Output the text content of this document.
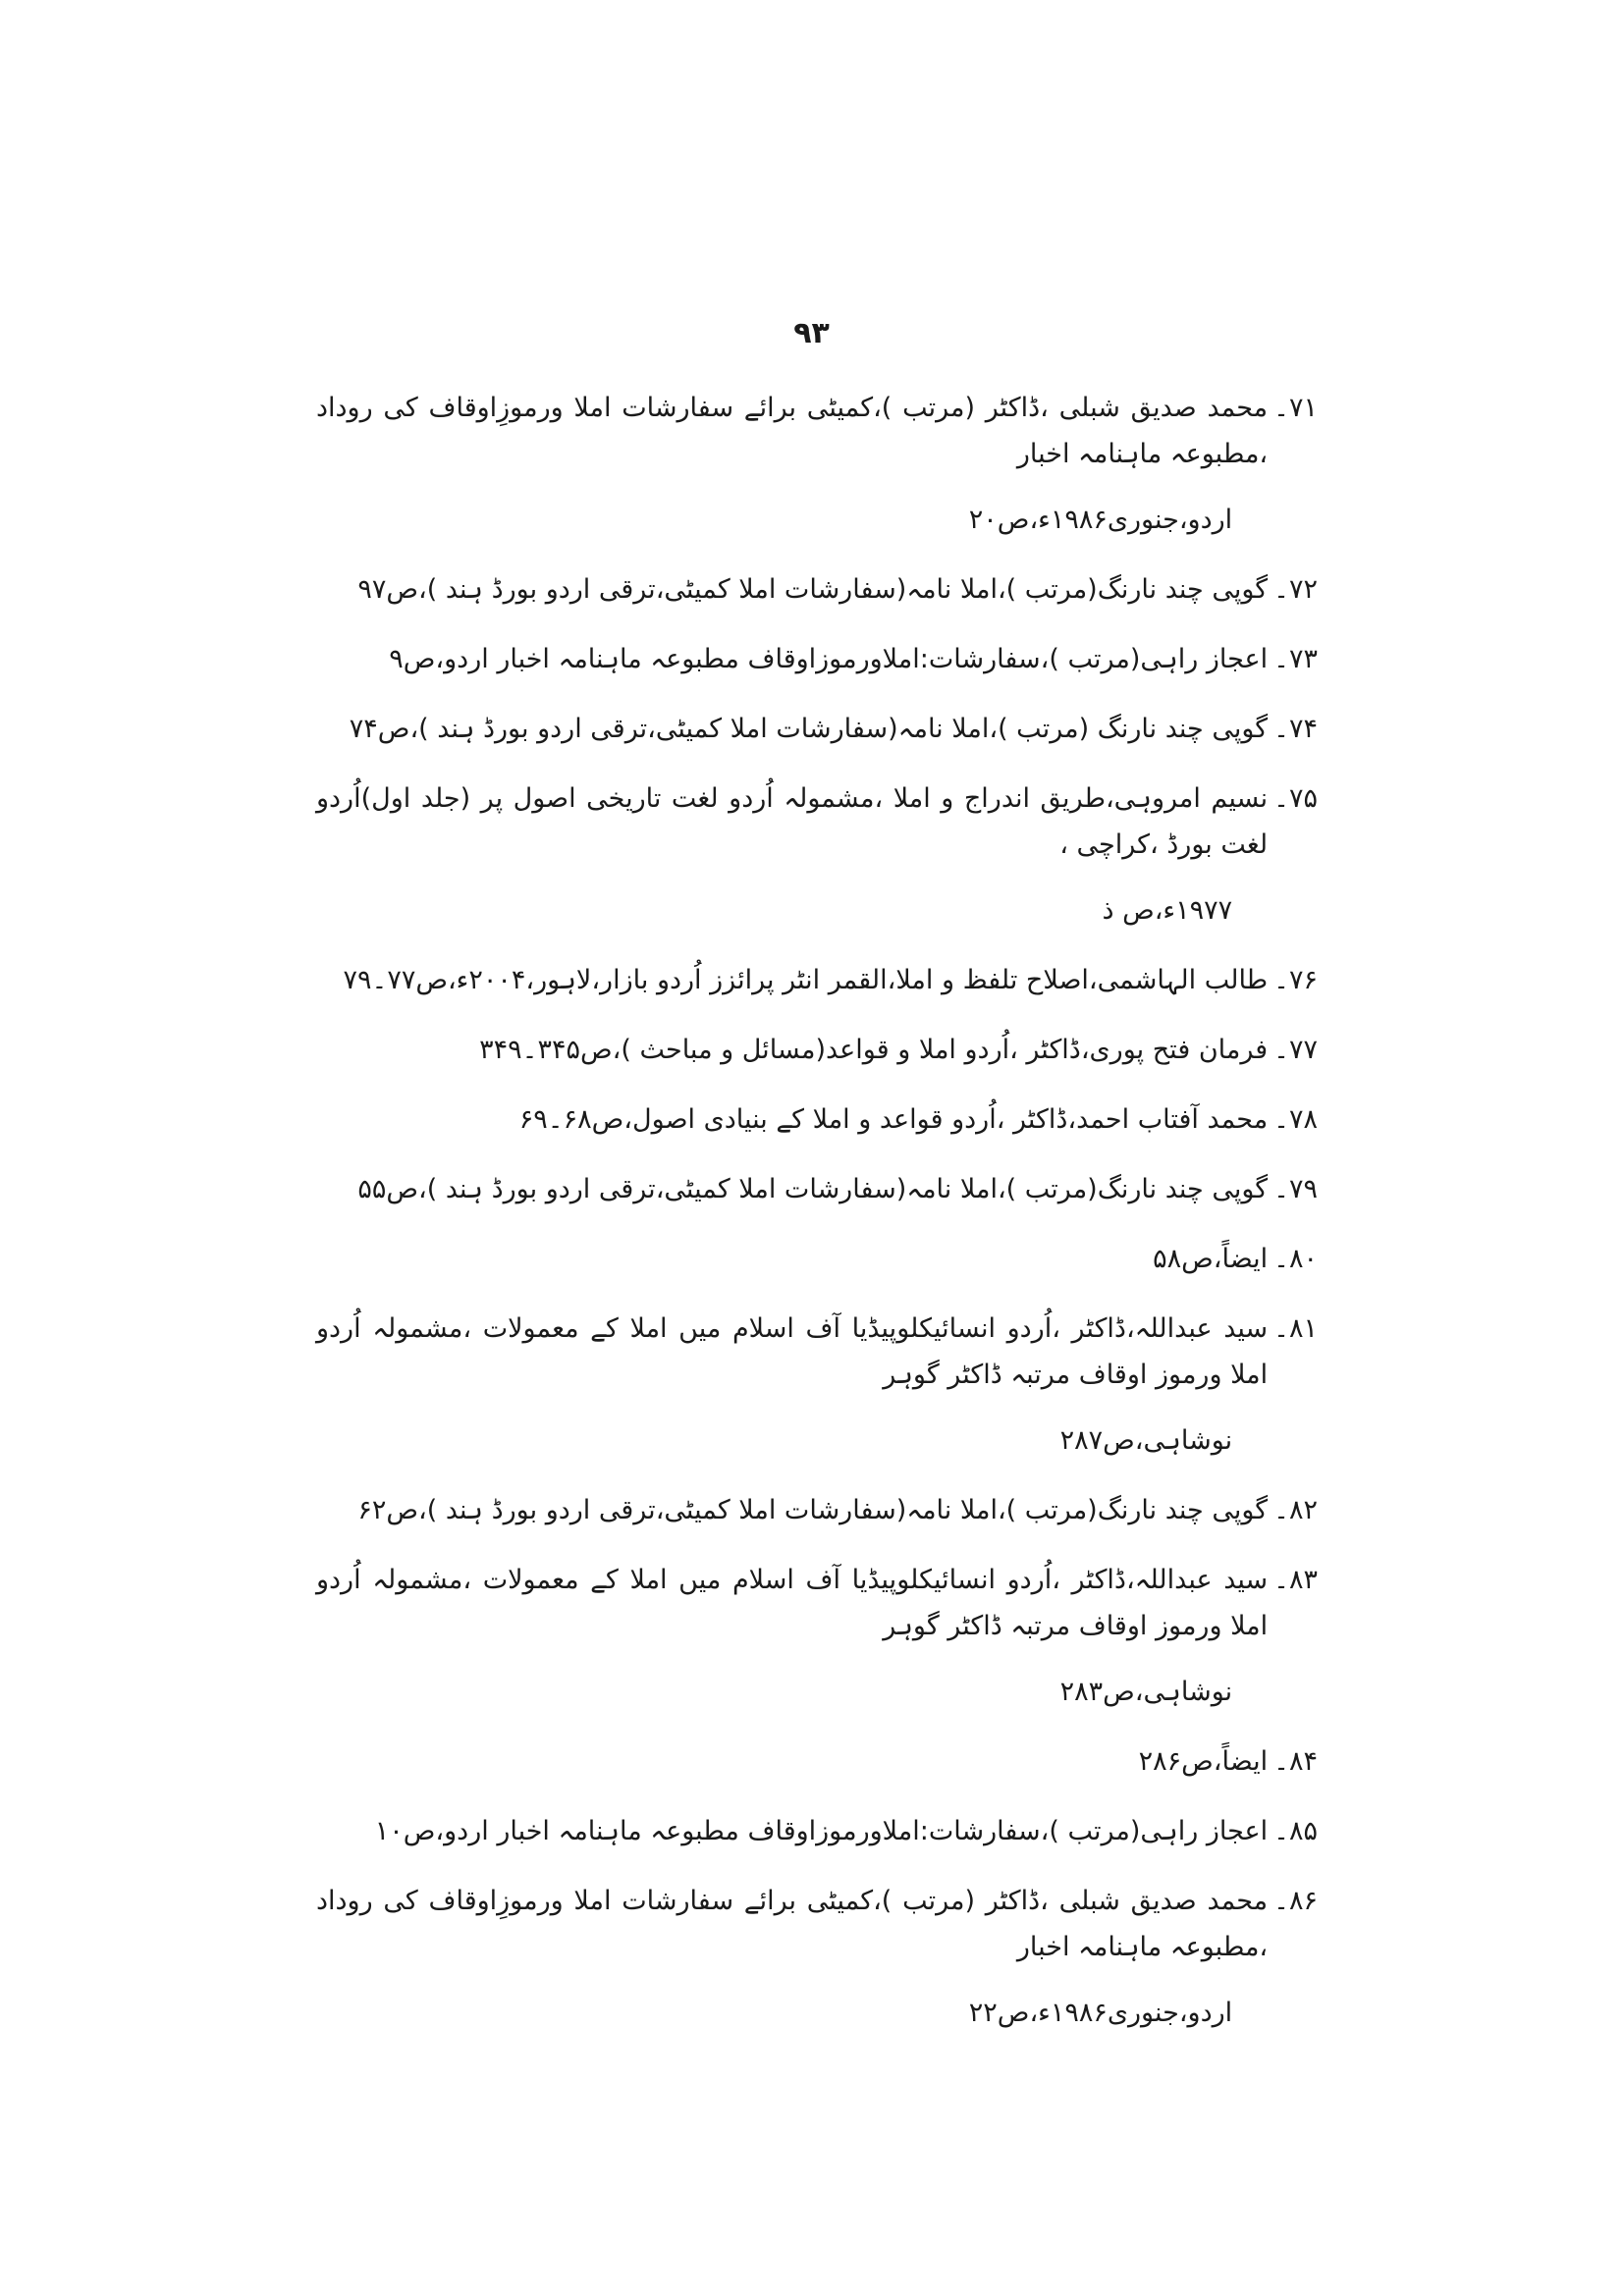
۹۳
۷۱۔
محمد صدیق شبلی ،ڈاکٹر (مرتب )،کمیٹی برائے سفارشات املا ورموزِاوقاف کی روداد ،مطبوعہ ماہنامہ اخبار
اردو،جنوری۱۹۸۶ء،ص۲۰
۷۲۔
گوپی چند نارنگ(مرتب )،املا نامہ(سفارشات املا کمیٹی،ترقی اردو بورڈ ہند )،ص۹۷
۷۳۔
اعجاز راہی(مرتب )،سفارشات:املاورموزاوقاف مطبوعہ ماہنامہ اخبار اردو،ص۹
۷۴۔
گوپی چند نارنگ (مرتب )،املا نامہ(سفارشات املا کمیٹی،ترقی اردو بورڈ ہند )،ص۷۴
۷۵۔
نسیم امروہی،طریق اندراج و املا ،مشمولہ اُردو لغت تاریخی اصول پر (جلد اول)اُردو لغت بورڈ ،کراچی ،
۱۹۷۷ء،ص ذ
۷۶۔
طالب الہاشمی،اصلاح تلفظ و املا،القمر انٹر پرائزز اُردو بازار،لاہور،۲۰۰۴ء،ص۷۷۔۷۹
۷۷۔
فرمان فتح پوری،ڈاکٹر ،اُردو املا و قواعد(مسائل و مباحث )،ص۳۴۵۔۳۴۹
۷۸۔
محمد آفتاب احمد،ڈاکٹر ،اُردو قواعد و املا کے بنیادی اصول،ص۶۸۔۶۹
۷۹۔
گوپی چند نارنگ(مرتب )،املا نامہ(سفارشات املا کمیٹی،ترقی اردو بورڈ ہند )،ص۵۵
۸۰۔
ایضاً،ص۵۸
۸۱۔
سید عبداللہ،ڈاکٹر ،اُردو انسائیکلوپیڈیا آف اسلام میں املا کے معمولات ،مشمولہ اُردو املا ورموز اوقاف مرتبہ ڈاکٹر گوہر
نوشاہی،ص۲۸۷
۸۲۔
گوپی چند نارنگ(مرتب )،املا نامہ(سفارشات املا کمیٹی،ترقی اردو بورڈ ہند )،ص۶۲
۸۳۔
سید عبداللہ،ڈاکٹر ،اُردو انسائیکلوپیڈیا آف اسلام میں املا کے معمولات ،مشمولہ اُردو املا ورموز اوقاف مرتبہ ڈاکٹر گوہر
نوشاہی،ص۲۸۳
۸۴۔
ایضاً،ص۲۸۶
۸۵۔
اعجاز راہی(مرتب )،سفارشات:املاورموزاوقاف مطبوعہ ماہنامہ اخبار اردو،ص۱۰
۸۶۔
محمد صدیق شبلی ،ڈاکٹر (مرتب )،کمیٹی برائے سفارشات املا ورموزِاوقاف کی روداد ،مطبوعہ ماہنامہ اخبار
اردو،جنوری۱۹۸۶ء،ص۲۲
